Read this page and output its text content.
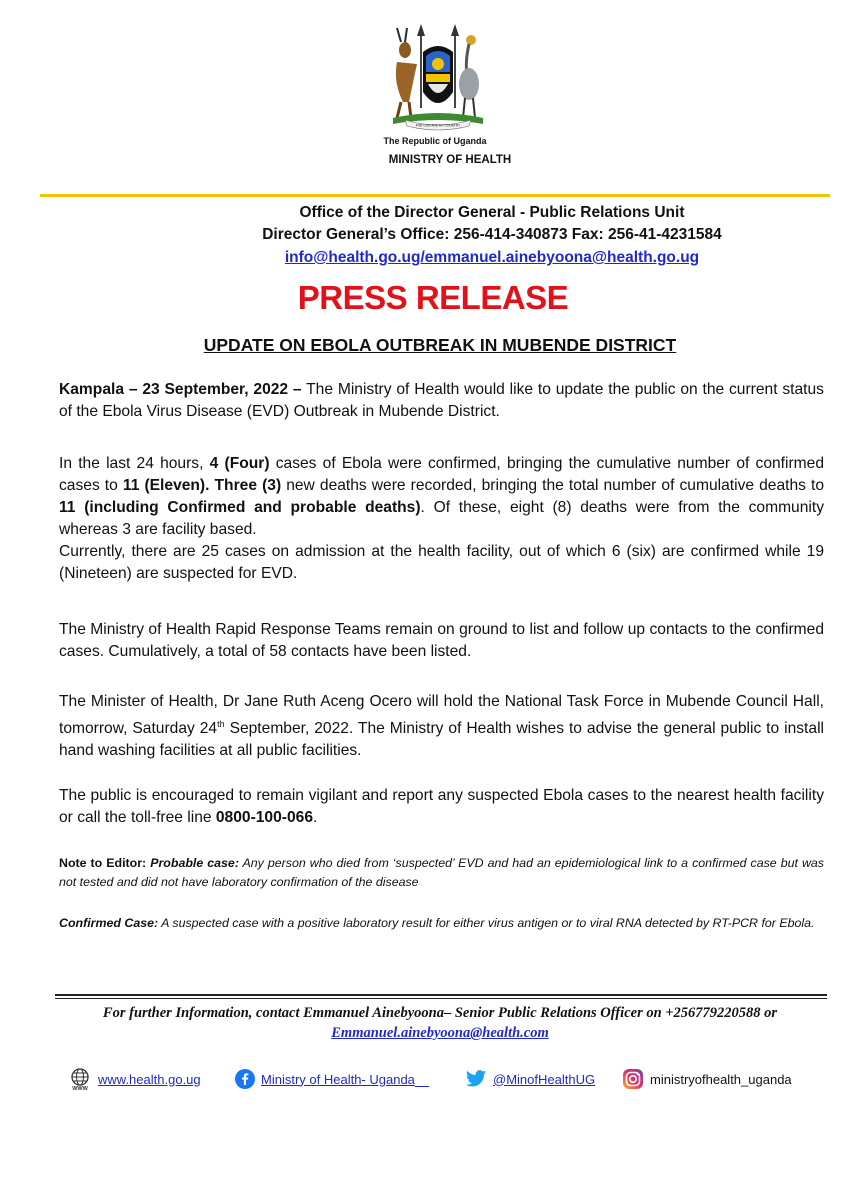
FOR GOD AND MY COUNTRY
The Republic of Uganda
MINISTRY OF HEALTH
Office of the Director General - Public Relations Unit
Director General’s Office: 256-414-340873 Fax: 256-41-4231584
info@health.go.ug/emmanuel.ainebyoona@health.go.ug
PRESS RELEASE
UPDATE ON EBOLA OUTBREAK IN MUBENDE DISTRICT
Kampala – 23 September, 2022 – The Ministry of Health would like to update the public on the current status of the Ebola Virus Disease (EVD) Outbreak in Mubende District.
In the last 24 hours, 4 (Four) cases of Ebola were confirmed, bringing the cumulative number of confirmed cases to 11 (Eleven). Three (3) new deaths were recorded, bringing the total number of cumulative deaths to 11 (including Confirmed and probable deaths). Of these, eight (8) deaths were from the community whereas 3 are facility based.
Currently, there are 25 cases on admission at the health facility, out of which 6 (six) are confirmed while 19 (Nineteen) are suspected for EVD.
The Ministry of Health Rapid Response Teams remain on ground to list and follow up contacts to the confirmed cases. Cumulatively, a total of 58 contacts have been listed.
The Minister of Health, Dr Jane Ruth Aceng Ocero will hold the National Task Force in Mubende Council Hall, tomorrow, Saturday 24th September, 2022. The Ministry of Health wishes to advise the general public to install hand washing facilities at all public facilities.
The public is encouraged to remain vigilant and report any suspected Ebola cases to the nearest health facility or call the toll-free line 0800-100-066.
Note to Editor: Probable case: Any person who died from ‘suspected’ EVD and had an epidemiological link to a confirmed case but was not tested and did not have laboratory confirmation of the disease
Confirmed Case: A suspected case with a positive laboratory result for either virus antigen or to viral RNA detected by RT-PCR for Ebola.
For further Information, contact Emmanuel Ainebyoona– Senior Public Relations Officer on +256779220588 or
Emmanuel.ainebyoona@health.com
WWW
www.health.go.ug	Ministry of Health- Uganda	@MinofHealthUG	ministryofhealth_uganda
